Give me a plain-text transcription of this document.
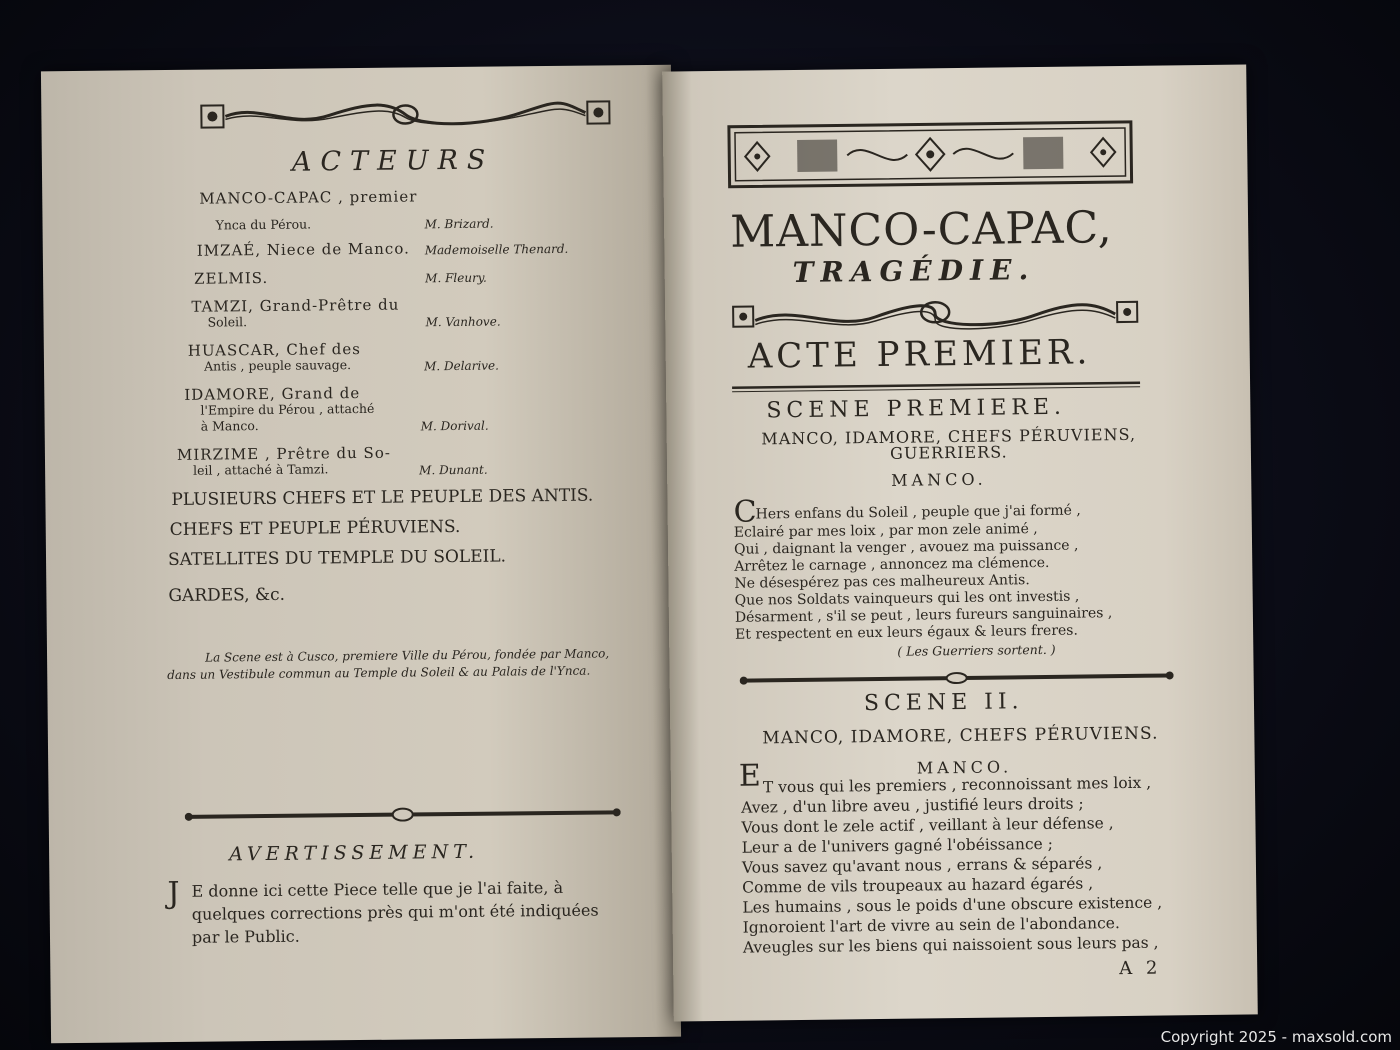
ACTEURS
MANCO-CAPAC , premier
Ynca du Pérou.	M. Brizard.
IMZAÉ, Niece de Manco. Mademoiselle Thenard.
ZELMIS.	M. Fleury.
TAMZI, Grand-Prêtre du
Soleil.	M. Vanhove.
HUASCAR, Chef des
Antis , peuple sauvage.	M. Delarive.
IDAMORE, Grand de
l'Empire du Pérou , attaché
à Manco.	M. Dorival.
MIRZIME , Prêtre du So-
leil , attaché à Tamzi.	M. Dunant.
PLUSIEURS CHEFS ET LE PEUPLE DES ANTIS.
CHEFS ET PEUPLE PÉRUVIENS.
SATELLITES DU TEMPLE DU SOLEIL.
GARDES, &c.
La Scene est à Cusco, premiere Ville du Pérou, fondée par Manco, dans un Vestibule commun au Temple du Soleil & au Palais de l'Ynca.
AVERTISSEMENT.
J E donne ici cette Piece telle que je l'ai faite, à quelques corrections près qui m'ont été indiquées par le Public.
MANCO-CAPAC,
TRAGÉDIE.
ACTE PREMIER.
SCENE PREMIERE.
MANCO, IDAMORE, CHEFS PÉRUVIENS,
GUERRIERS.
MANCO.
C
Hers enfans du Soleil , peuple que j'ai formé ,
Eclairé par mes loix , par mon zele animé ,
Qui , daignant la venger , avouez ma puissance ,
Arrêtez le carnage , annoncez ma clémence.
Ne désespérez pas ces malheureux Antis.
Que nos Soldats vainqueurs qui les ont investis ,
Désarment , s'il se peut , leurs fureurs sanguinaires ,
Et respectent en eux leurs égaux & leurs freres.
( Les Guerriers sortent. )
SCENE II.
MANCO, IDAMORE, CHEFS PÉRUVIENS.
MANCO.
E T vous qui les premiers , reconnoissant mes loix ,
Avez , d'un libre aveu , justifié leurs droits ;
Vous dont le zele actif , veillant à leur défense ,
Leur a de l'univers gagné l'obéissance ;
Vous savez qu'avant nous , errans & séparés ,
Comme de vils troupeaux au hazard égarés ,
Les humains , sous le poids d'une obscure existence ,
Ignoroient l'art de vivre au sein de l'abondance.
Aveugles sur les biens qui naissoient sous leurs pas ,
A 2
Copyright 2025 - maxsold.com
